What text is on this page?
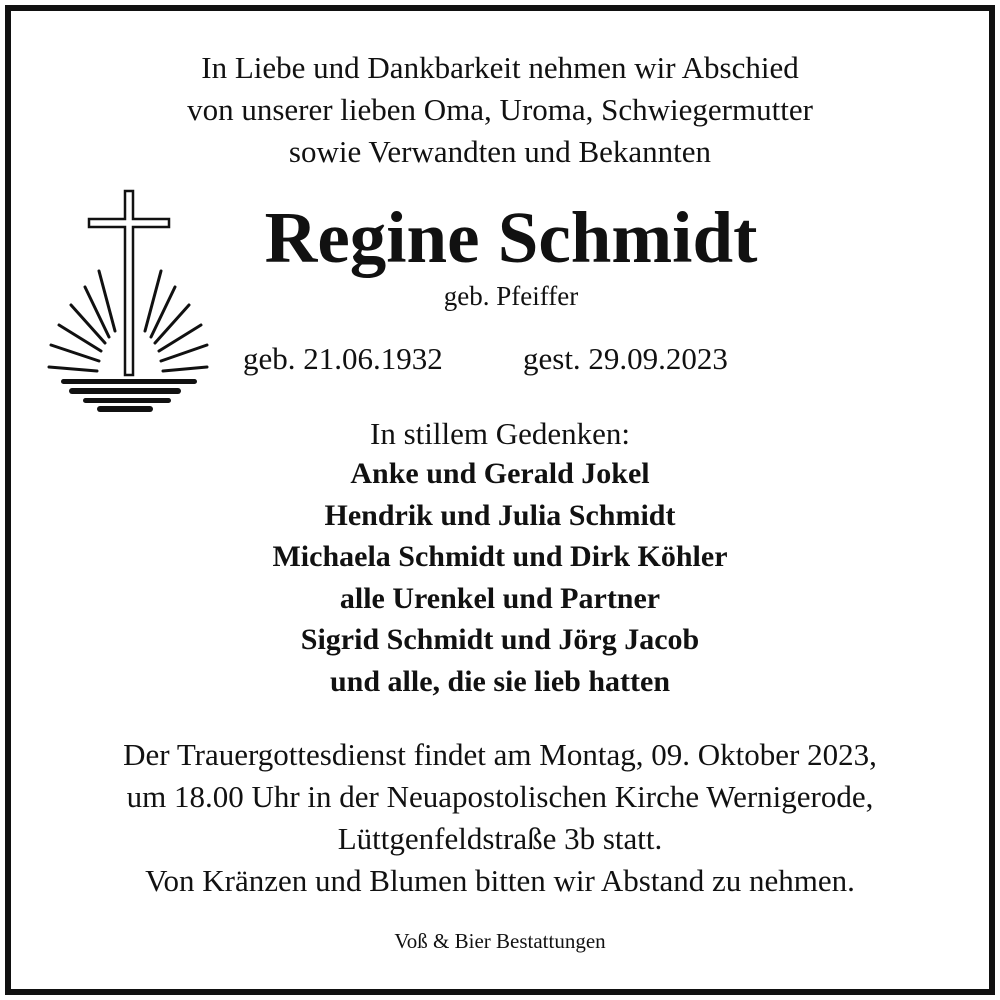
In Liebe und Dankbarkeit nehmen wir Abschied
von unserer lieben Oma, Uroma, Schwiegermutter
sowie Verwandten und Bekannten
Regine Schmidt
geb. Pfeiffer
geb. 21.06.1932	gest. 29.09.2023
In stillem Gedenken:
Anke und Gerald Jokel
Hendrik und Julia Schmidt
Michaela Schmidt und Dirk Köhler
alle Urenkel und Partner
Sigrid Schmidt und Jörg Jacob
und alle, die sie lieb hatten
Der Trauergottesdienst findet am Montag, 09. Oktober 2023,
um 18.00 Uhr in der Neuapostolischen Kirche Wernigerode,
Lüttgenfeldstraße 3b statt.
Von Kränzen und Blumen bitten wir Abstand zu nehmen.
Voß & Bier Bestattungen
